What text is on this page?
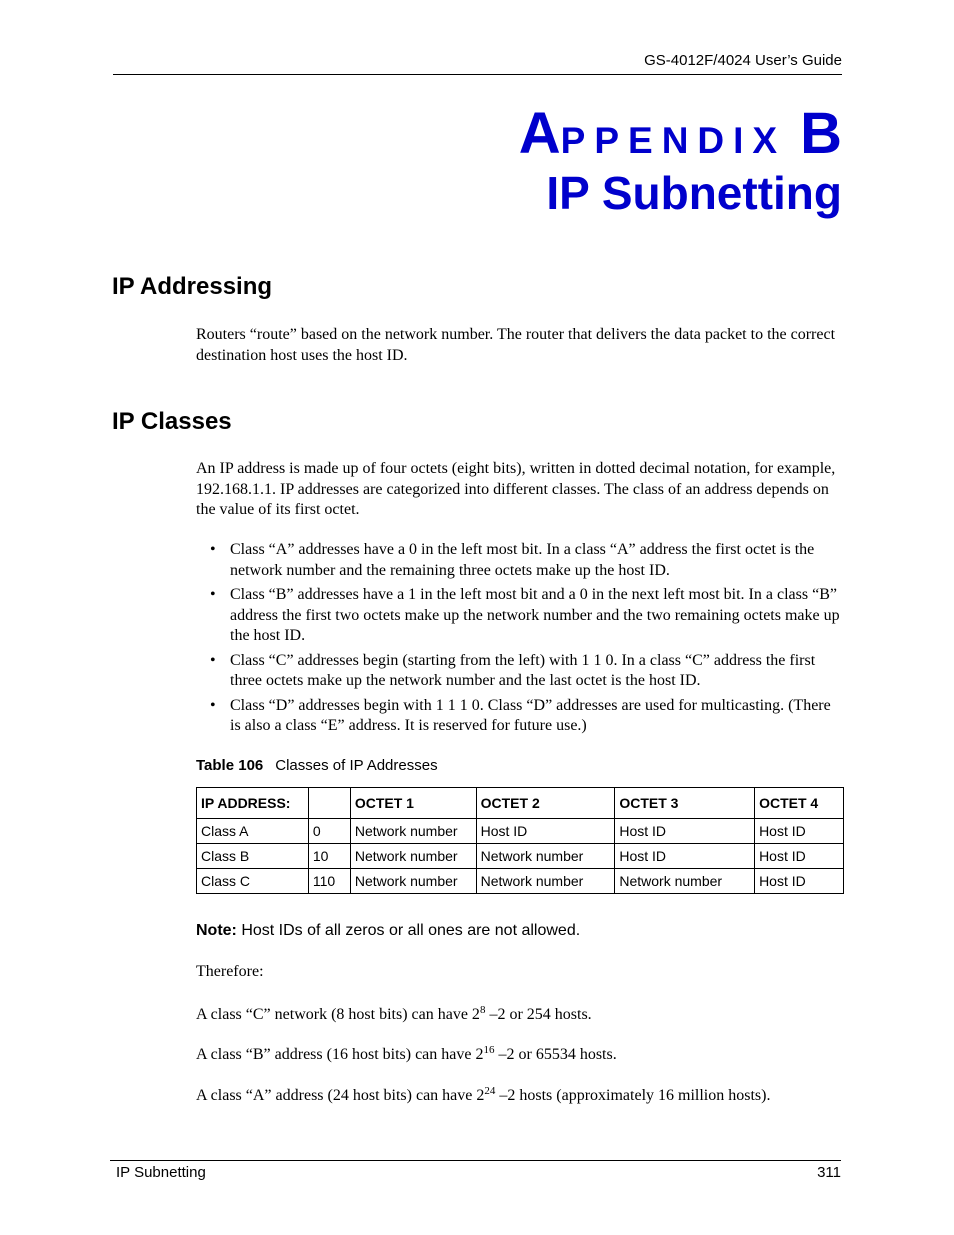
GS-4012F/4024 User’s Guide
APPENDIX B
IP Subnetting
IP Addressing

Routers “route” based on the network number. The router that delivers the data packet to the correct destination host uses the host ID.

IP Classes

An IP address is made up of four octets (eight bits), written in dotted decimal notation, for example, 192.168.1.1. IP addresses are categorized into different classes. The class of an address depends on the value of its first octet.

• Class “A” addresses have a 0 in the left most bit. In a class “A” address the first octet is the network number and the remaining three octets make up the host ID.
• Class “B” addresses have a 1 in the left most bit and a 0 in the next left most bit. In a class “B” address the first two octets make up the network number and the two remaining octets make up the host ID.
• Class “C” addresses begin (starting from the left) with 1 1 0. In a class “C” address the first three octets make up the network number and the last octet is the host ID.
• Class “D” addresses begin with 1 1 1 0. Class “D” addresses are used for multicasting. (There is also a class “E” address. It is reserved for future use.)
Table 106 Classes of IP Addresses
IP ADDRESS:		OCTET 1	OCTET 2	OCTET 3	OCTET 4
Class A	0	Network number	Host ID	Host ID	Host ID
Class B	10	Network number	Network number	Host ID	Host ID
Class C	110	Network number	Network number	Network number	Host ID
Note: Host IDs of all zeros or all ones are not allowed.
Therefore:
A class “C” network (8 host bits) can have $2^8$ –2 or 254 hosts.
A class “B” address (16 host bits) can have $2^{16}$ –2 or 65534 hosts.
A class “A” address (24 host bits) can have $2^{24}$ –2 hosts (approximately 16 million hosts).
IP Subnetting	311
